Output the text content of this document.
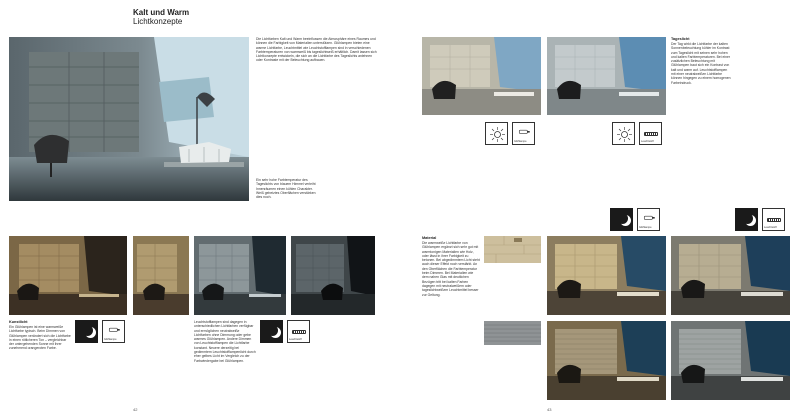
Kalt und Warm
Lichtkonzepte
Die Lichtfarben Kalt und Warm beeinflussen die Atmosphäre eines Raumes und können die Farbigkeit von Materialien unterstützen. Glühlampen bieten eine warme Lichtfarbe, Leuchtmittel wie Leuchtstofflampen sind in verschiedenen Farbtemperaturen von warmweiß bis tageslichtweiß erhältlich. Damit lassen sich Lichtkonzepte entwickeln, die sich an die Lichtfarbe des Tageslichts anlehnen oder Kontraste mit der Beleuchtung aufbauen.
Ein sehr hohe Farbtemperatur des Tageslichts von blauem Himmel verleiht Innenräumen einen kühlen Charakter. Weiß gebeiztes Oberflächen verstärken dies noch.
Kunstlicht
Ein Glühlampen ist eine warmweiße Lichtfarbe typisch. Beim Dimmen von Glühlampen verändert sich die Lichtfarbe in einen rötlicheren Ton – vergleichbar der untergehenden Sonne mit ihrer zunehmend orangeroten Farbe.
Glühlampe
Leuchtstofflampen sind dagegen in unterschiedlichen Lichtfarben verfügbar und ermöglichen neutralweiße Lichtfarben ohne Dimmung oder gebe warmes Glühlampen. Andere Dimmen von Leuchtstofflampen die Lichtfarbe konstant. Neuere derzeitig bei gedimmtem Leuchtstofflampenlicht durch eher gelbes Licht im Vergleich zu der Farbwiedergabe bei Glühlampen.
Leuchtstoff
42
Tageslicht
Der Tag wirkt die Lichtfarbe der kalten Sonnenbeleuchtung kühler im Kontrast zum Tageslicht mit seinen sehr hohen und kalten Farbtemperaturen. Bei einer zusätzlichen Beleuchtung mit Glühlampen baut sich ein Kontrast von kalt und warm auf. Leuchtstofflampen mit einer neutralweißen Lichtfarbe können hingegen zu einem homogenen Farbeindruck.
Glühlampe	Leuchtstoff
Glühlampe	Leuchtstoff
Material
Die warmweiße Lichtfarbe von Glühlampen ergänzt sich sehr gut mit warmtonigen Materialien wie Holz, oder lässt in ihrer Farbigkeit zu betonen. Bei abgedimmtem Licht steht auch dieser Effekt noch verstärkt. An den Oberflächen die Farbtemperatur beim Dimmen. Bei Materialien wie dem nahen Glas mit deutlichen Bezügen tritt bei kalten Farben dagegen mit neutralweißem oder tageslichtweißem Leuchtmittel besser zur Geltung.
43
